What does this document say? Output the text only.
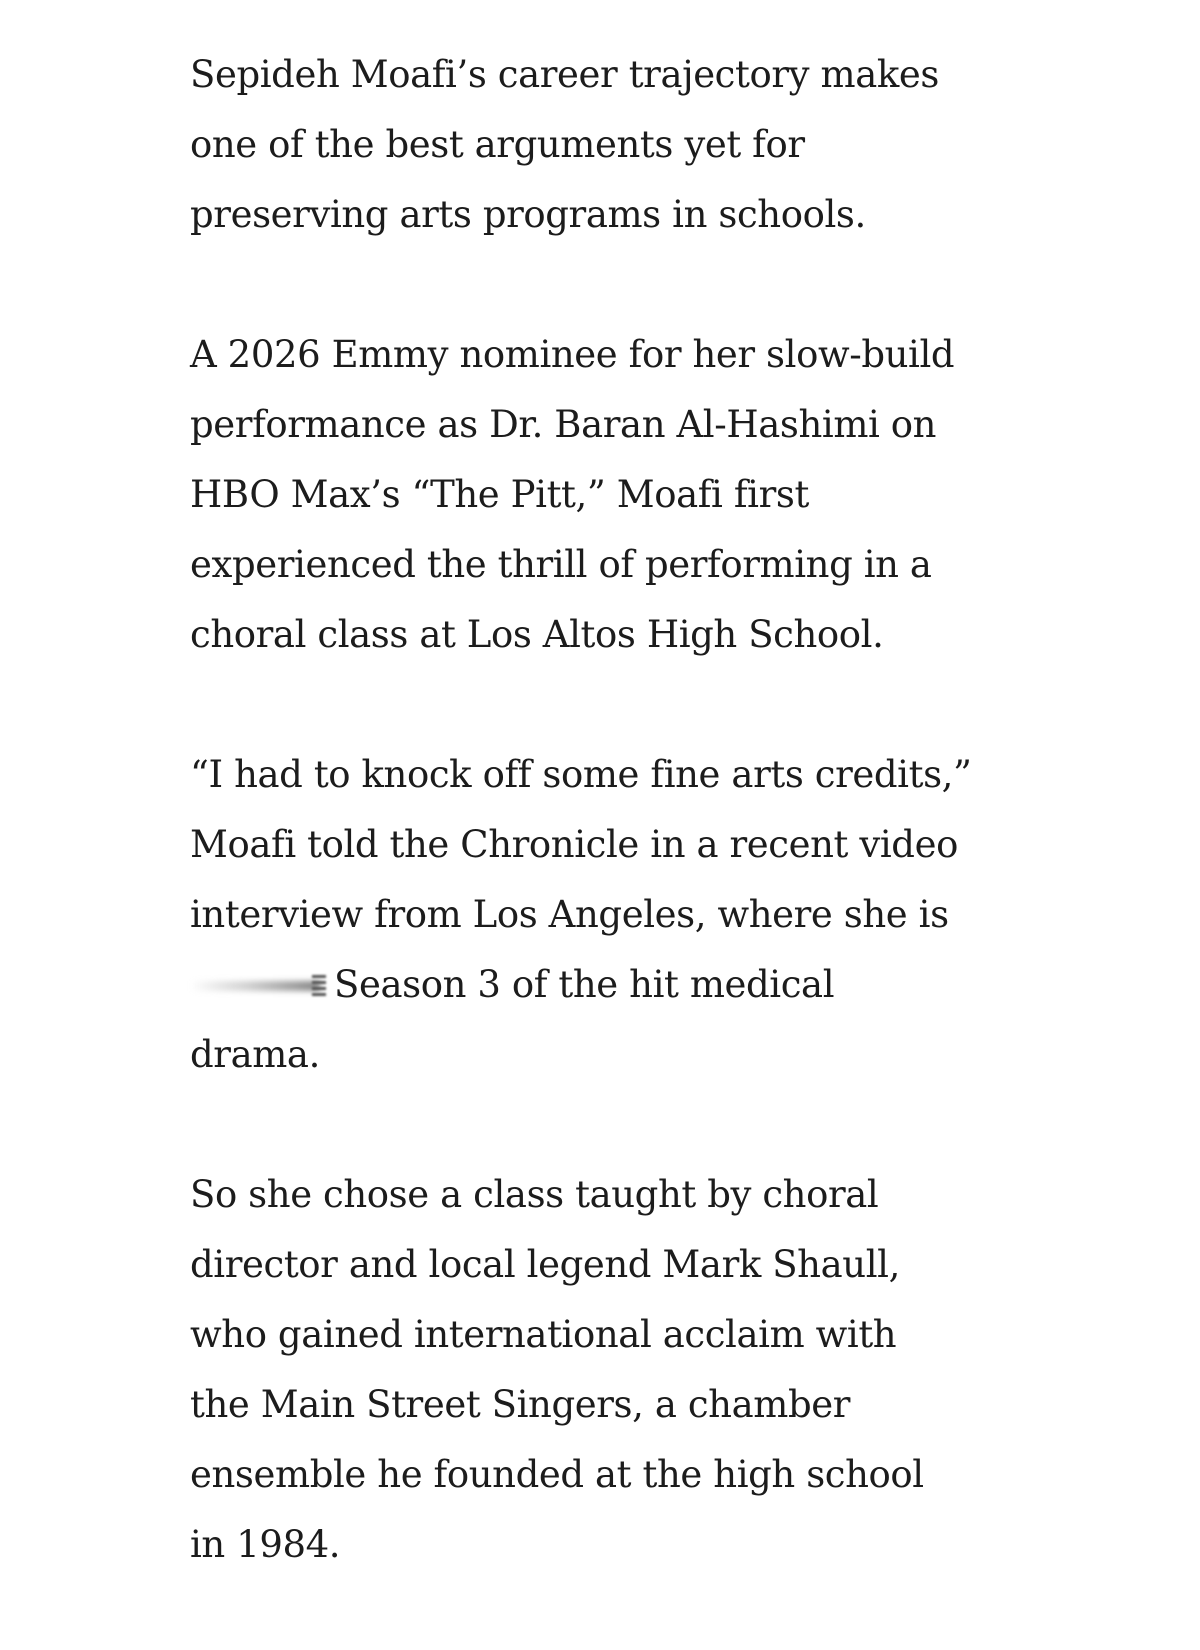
Sepideh Moafi’s career trajectory makes
one of the best arguments yet for
preserving arts programs in schools.

A 2026 Emmy nominee for her slow-build
performance as Dr. Baran Al-Hashimi on
HBO Max’s “The Pitt,” Moafi first
experienced the thrill of performing in a
choral class at Los Altos High School.

“I had to knock off some fine arts credits,”
Moafi told the Chronicle in a recent video
interview from Los Angeles, where she is
Season 3 of the hit medical
drama.

So she chose a class taught by choral
director and local legend Mark Shaull,
who gained international acclaim with
the Main Street Singers, a chamber
ensemble he founded at the high school
in 1984.
